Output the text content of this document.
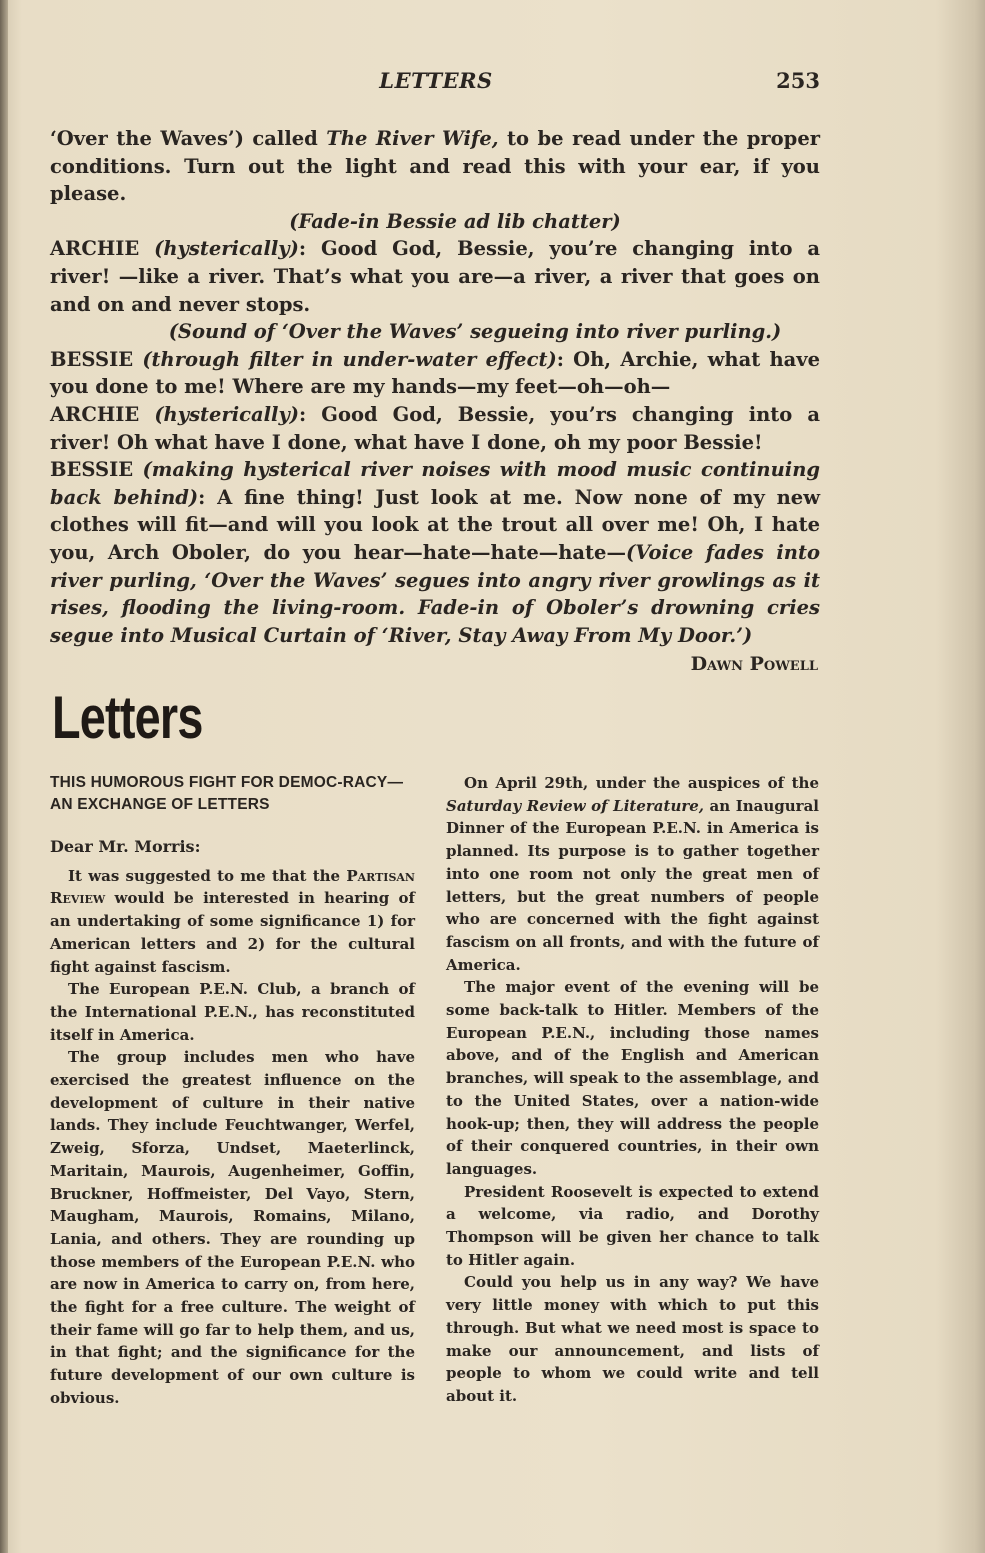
LETTERS	253

‘Over the Waves’) called The River Wife, to be read under the proper conditions. Turn out the light and read this with your ear, if you please.

(Fade-in Bessie ad lib chatter)

ARCHIE (hysterically): Good God, Bessie, you’re changing into a river! —like a river. That’s what you are—a river, a river that goes on and on and never stops.

(Sound of ‘Over the Waves’ segueing into river purling.)

BESSIE (through filter in under-water effect): Oh, Archie, what have you done to me! Where are my hands—my feet—oh—oh—

ARCHIE (hysterically): Good God, Bessie, you’rs changing into a river! Oh what have I done, what have I done, oh my poor Bessie!

BESSIE (making hysterical river noises with mood music continuing back behind): A fine thing! Just look at me. Now none of my new clothes will fit—and will you look at the trout all over me! Oh, I hate you, Arch Oboler, do you hear—hate—hate—hate—(Voice fades into river purling, ‘Over the Waves’ segues into angry river growlings as it rises, flooding the living-room. Fade-in of Oboler’s drowning cries segue into Musical Curtain of ‘River, Stay Away From My Door.’)

Dawn Powell

Letters

THIS HUMOROUS FIGHT FOR DEMOC-RACY—AN EXCHANGE OF LETTERS

Dear Mr. Morris:

It was suggested to me that the Partisan Review would be interested in hearing of an undertaking of some significance 1) for American letters and 2) for the cultural fight against fascism.

The European P.E.N. Club, a branch of the International P.E.N., has reconstituted itself in America.

The group includes men who have exercised the greatest influence on the development of culture in their native lands. They include Feuchtwanger, Werfel, Zweig, Sforza, Undset, Maeterlinck, Maritain, Maurois, Augenheimer, Goffin, Bruckner, Hoffmeister, Del Vayo, Stern, Maugham, Maurois, Romains, Milano, Lania, and others. They are rounding up those members of the European P.E.N. who are now in America to carry on, from here, the fight for a free culture. The weight of their fame will go far to help them, and us, in that fight; and the significance for the future development of our own culture is obvious.

On April 29th, under the auspices of the Saturday Review of Literature, an Inaugural Dinner of the European P.E.N. in America is planned. Its purpose is to gather together into one room not only the great men of letters, but the great numbers of people who are concerned with the fight against fascism on all fronts, and with the future of America.

The major event of the evening will be some back-talk to Hitler. Members of the European P.E.N., including those names above, and of the English and American branches, will speak to the assemblage, and to the United States, over a nation-wide hook-up; then, they will address the people of their conquered countries, in their own languages.

President Roosevelt is expected to extend a welcome, via radio, and Dorothy Thompson will be given her chance to talk to Hitler again.

Could you help us in any way? We have very little money with which to put this through. But what we need most is space to make our announcement, and lists of people to whom we could write and tell about it.
